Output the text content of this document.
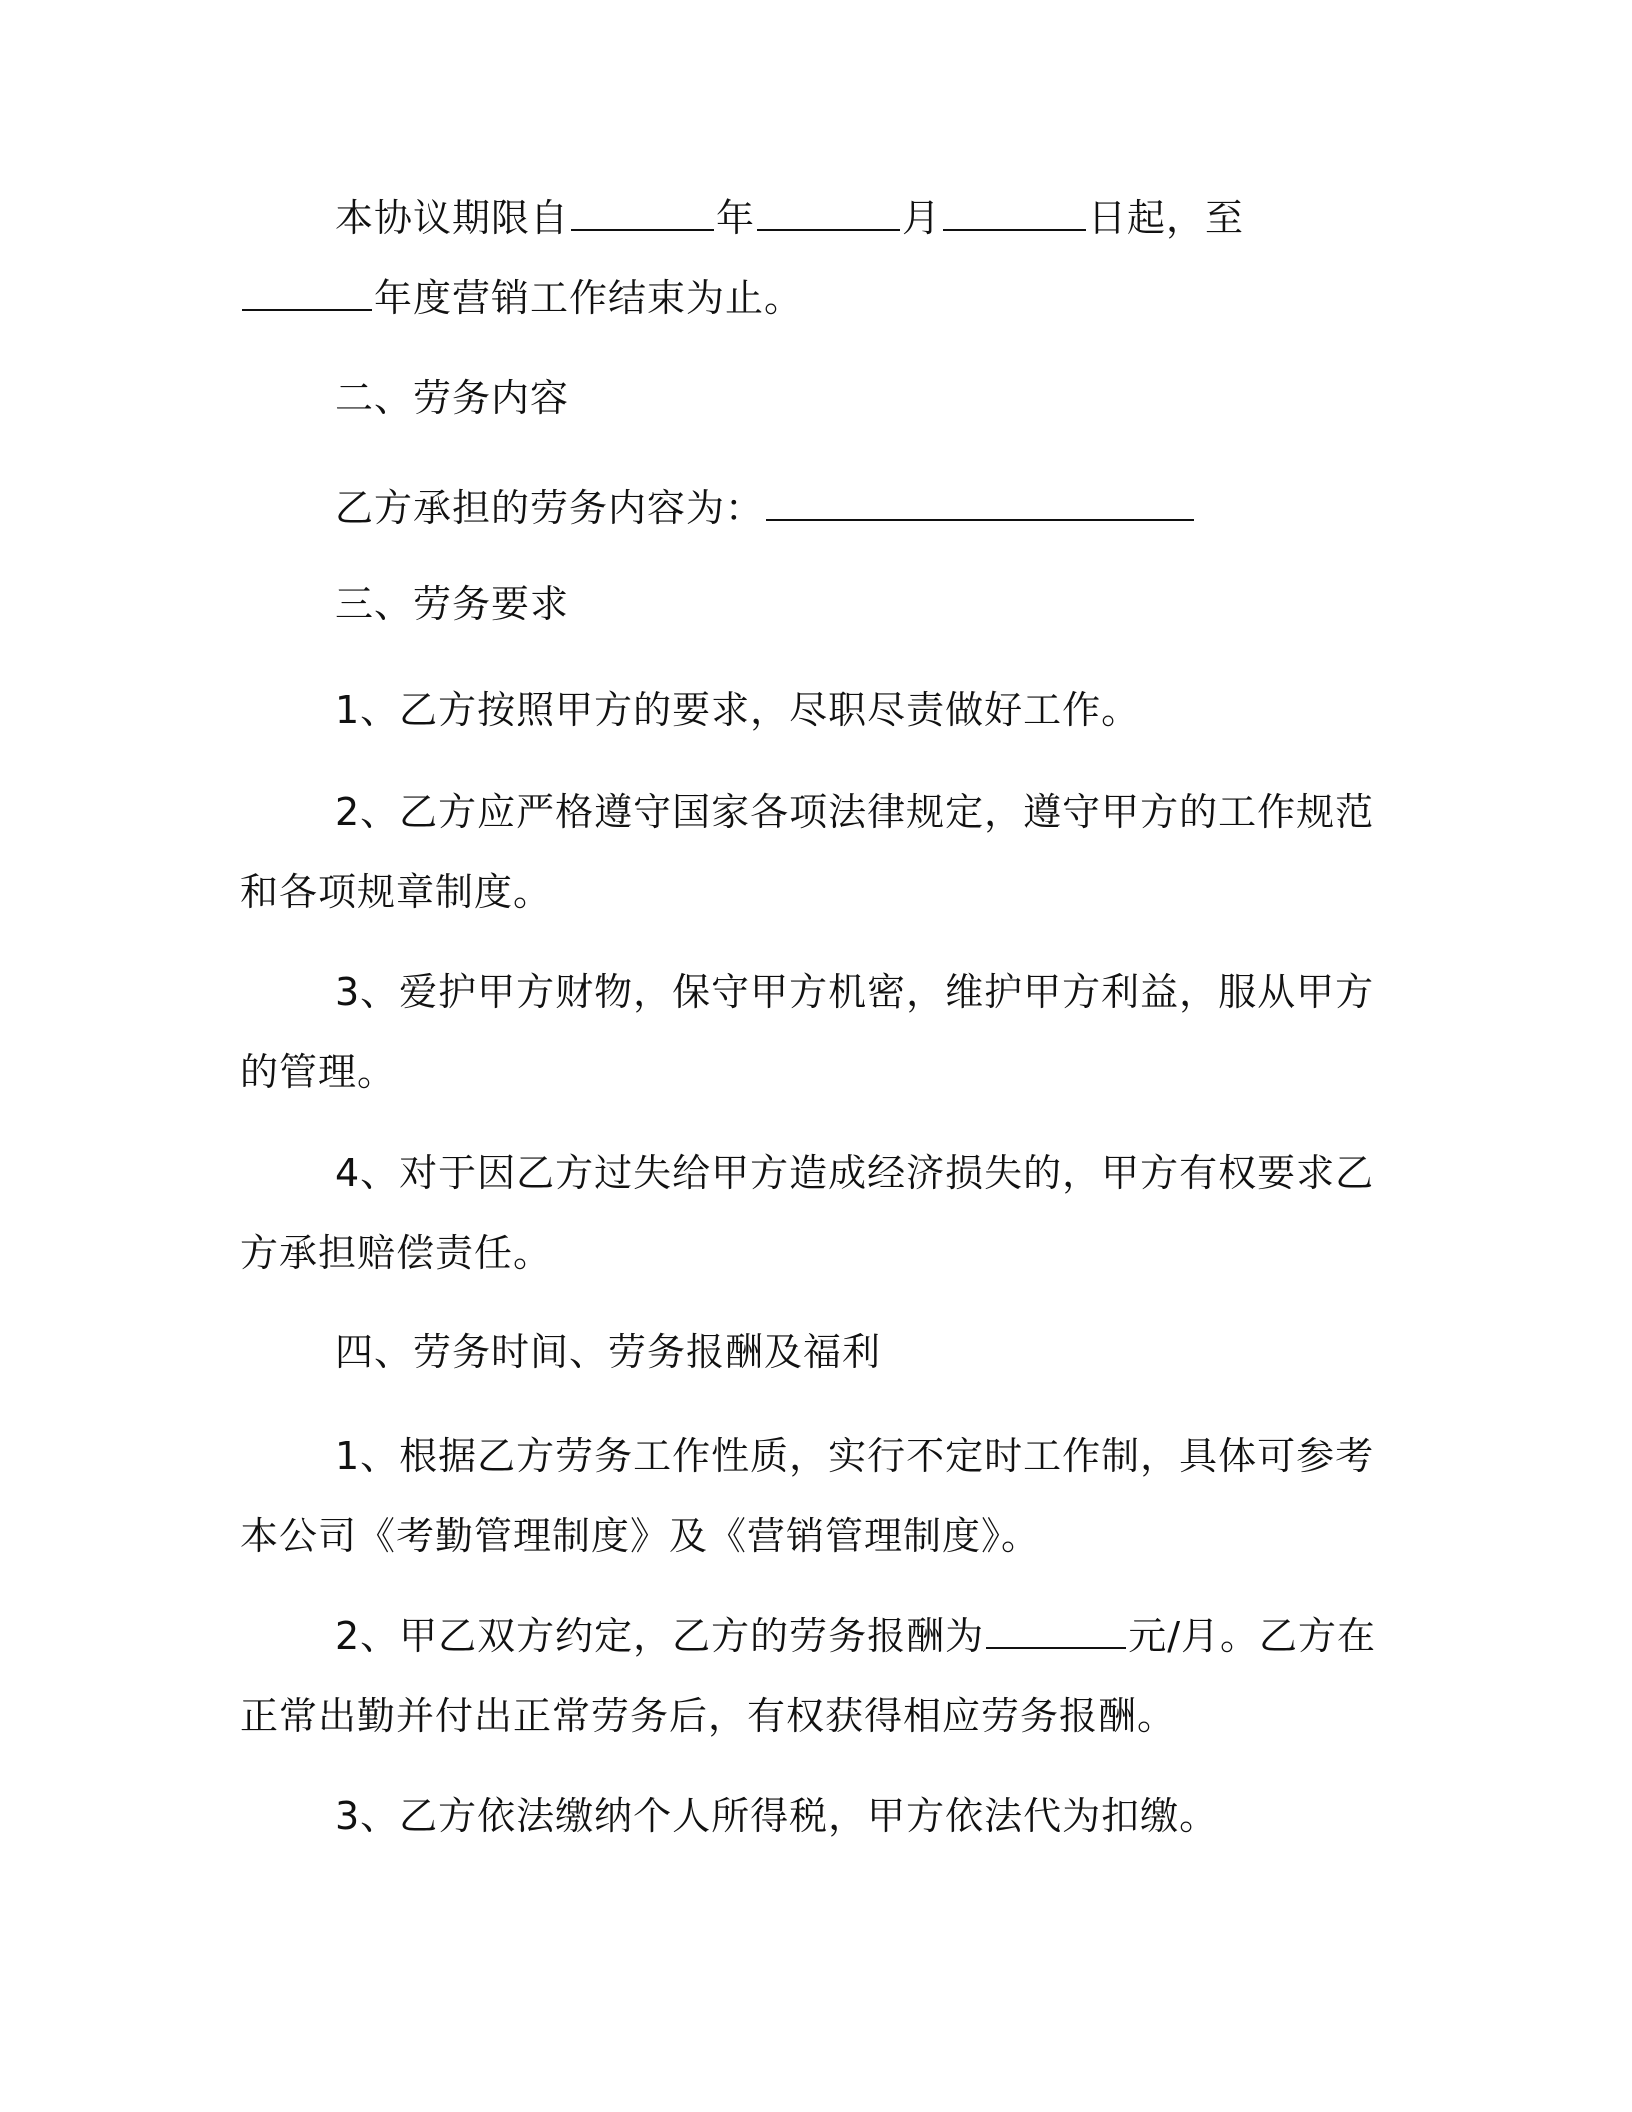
本协议期限自	年	月	日起，至年度营销工作结束为止。

二、劳务内容

乙方承担的劳务内容为：

三、劳务要求

1、乙方按照甲方的要求，尽职尽责做好工作。

2、乙方应严格遵守国家各项法律规定，遵守甲方的工作规范和各项规章制度。

3、爱护甲方财物，保守甲方机密，维护甲方利益，服从甲方的管理。

4、对于因乙方过失给甲方造成经济损失的，甲方有权要求乙方承担赔偿责任。

四、劳务时间、劳务报酬及福利

1、根据乙方劳务工作性质，实行不定时工作制，具体可参考本公司《考勤管理制度》及《营销管理制度》。

2、甲乙双方约定，乙方的劳务报酬为	元/月。乙方在正常出勤并付出正常劳务后，有权获得相应劳务报酬。

3、乙方依法缴纳个人所得税，甲方依法代为扣缴。
